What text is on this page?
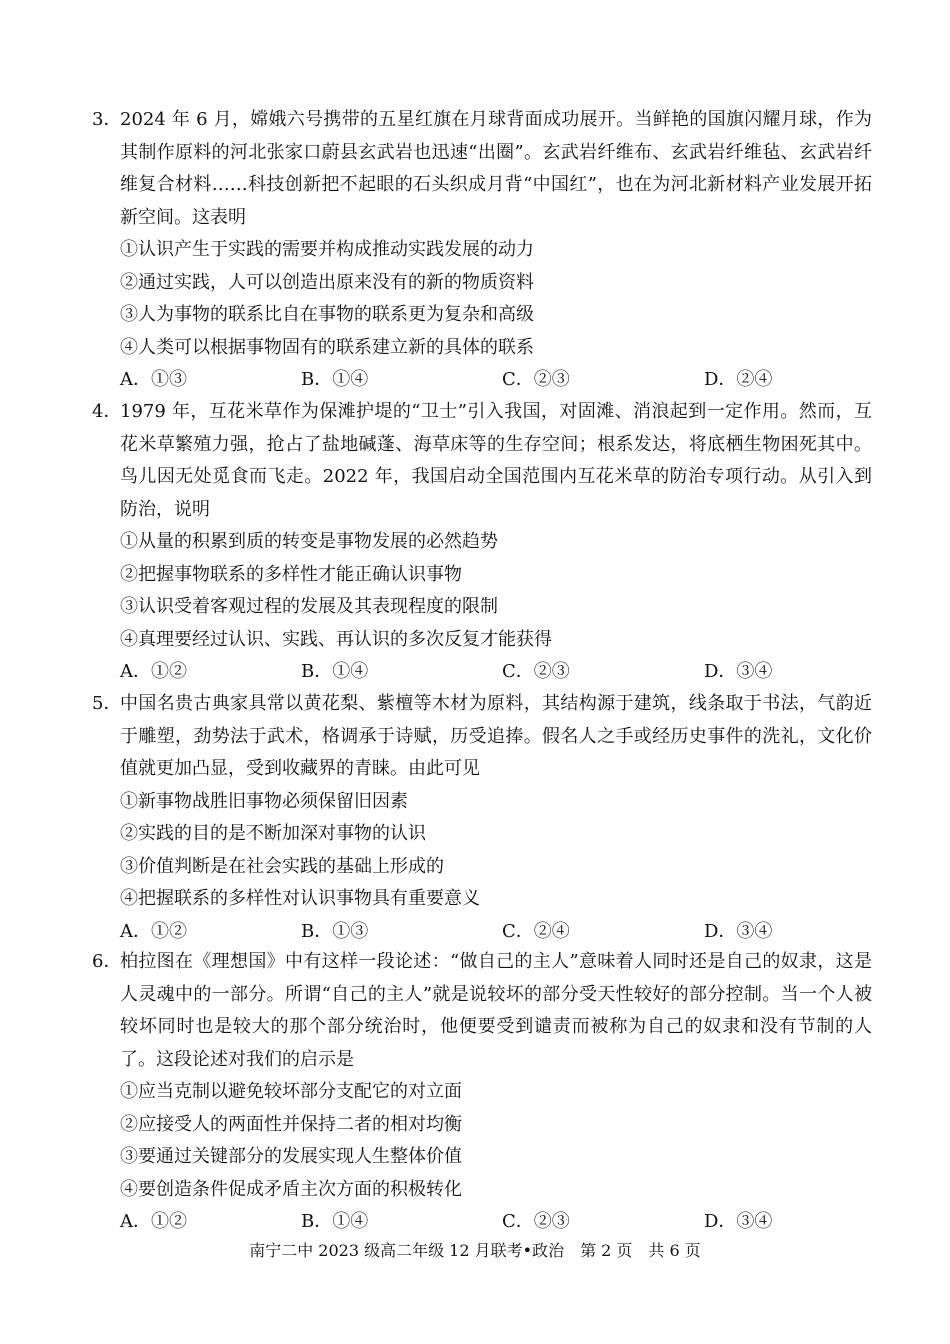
3．
2024 年 6 月，嫦娥六号携带的五星红旗在月球背面成功展开。当鲜艳的国旗闪耀月球，作为其制作原料的河北张家口蔚县玄武岩也迅速“出圈”。玄武岩纤维布、玄武岩纤维毡、玄武岩纤维复合材料……科技创新把不起眼的石头织成月背“中国红”，也在为河北新材料产业发展开拓新空间。这表明
①认识产生于实践的需要并构成推动实践发展的动力
②通过实践，人可以创造出原来没有的新的物质资料
③人为事物的联系比自在事物的联系更为复杂和高级
④人类可以根据事物固有的联系建立新的具体的联系
A．①③	B．①④	C．②③	D．②④
4．
1979 年，互花米草作为保滩护堤的“卫士”引入我国，对固滩、消浪起到一定作用。然而，互花米草繁殖力强，抢占了盐地碱蓬、海草床等的生存空间；根系发达，将底栖生物困死其中。鸟儿因无处觅食而飞走。2022 年，我国启动全国范围内互花米草的防治专项行动。从引入到防治，说明
①从量的积累到质的转变是事物发展的必然趋势
②把握事物联系的多样性才能正确认识事物
③认识受着客观过程的发展及其表现程度的限制
④真理要经过认识、实践、再认识的多次反复才能获得
A．①②	B．①④	C．②③	D．③④
5．
中国名贵古典家具常以黄花梨、紫檀等木材为原料，其结构源于建筑，线条取于书法，气韵近于雕塑，劲势法于武术，格调承于诗赋，历受追捧。假名人之手或经历史事件的洗礼，文化价值就更加凸显，受到收藏界的青睐。由此可见
①新事物战胜旧事物必须保留旧因素
②实践的目的是不断加深对事物的认识
③价值判断是在社会实践的基础上形成的
④把握联系的多样性对认识事物具有重要意义
A．①②	B．①③	C．②④	D．③④
6．
柏拉图在《理想国》中有这样一段论述：“做自己的主人”意味着人同时还是自己的奴隶，这是人灵魂中的一部分。所谓“自己的主人”就是说较坏的部分受天性较好的部分控制。当一个人被较坏同时也是较大的那个部分统治时，他便要受到谴责而被称为自己的奴隶和没有节制的人了。这段论述对我们的启示是
①应当克制以避免较坏部分支配它的对立面
②应接受人的两面性并保持二者的相对均衡
③要通过关键部分的发展实现人生整体价值
④要创造条件促成矛盾主次方面的积极转化
A．①②	B．①④	C．②③	D．③④
南宁二中 2023 级高二年级 12 月联考•政治　第 2 页　共 6 页
